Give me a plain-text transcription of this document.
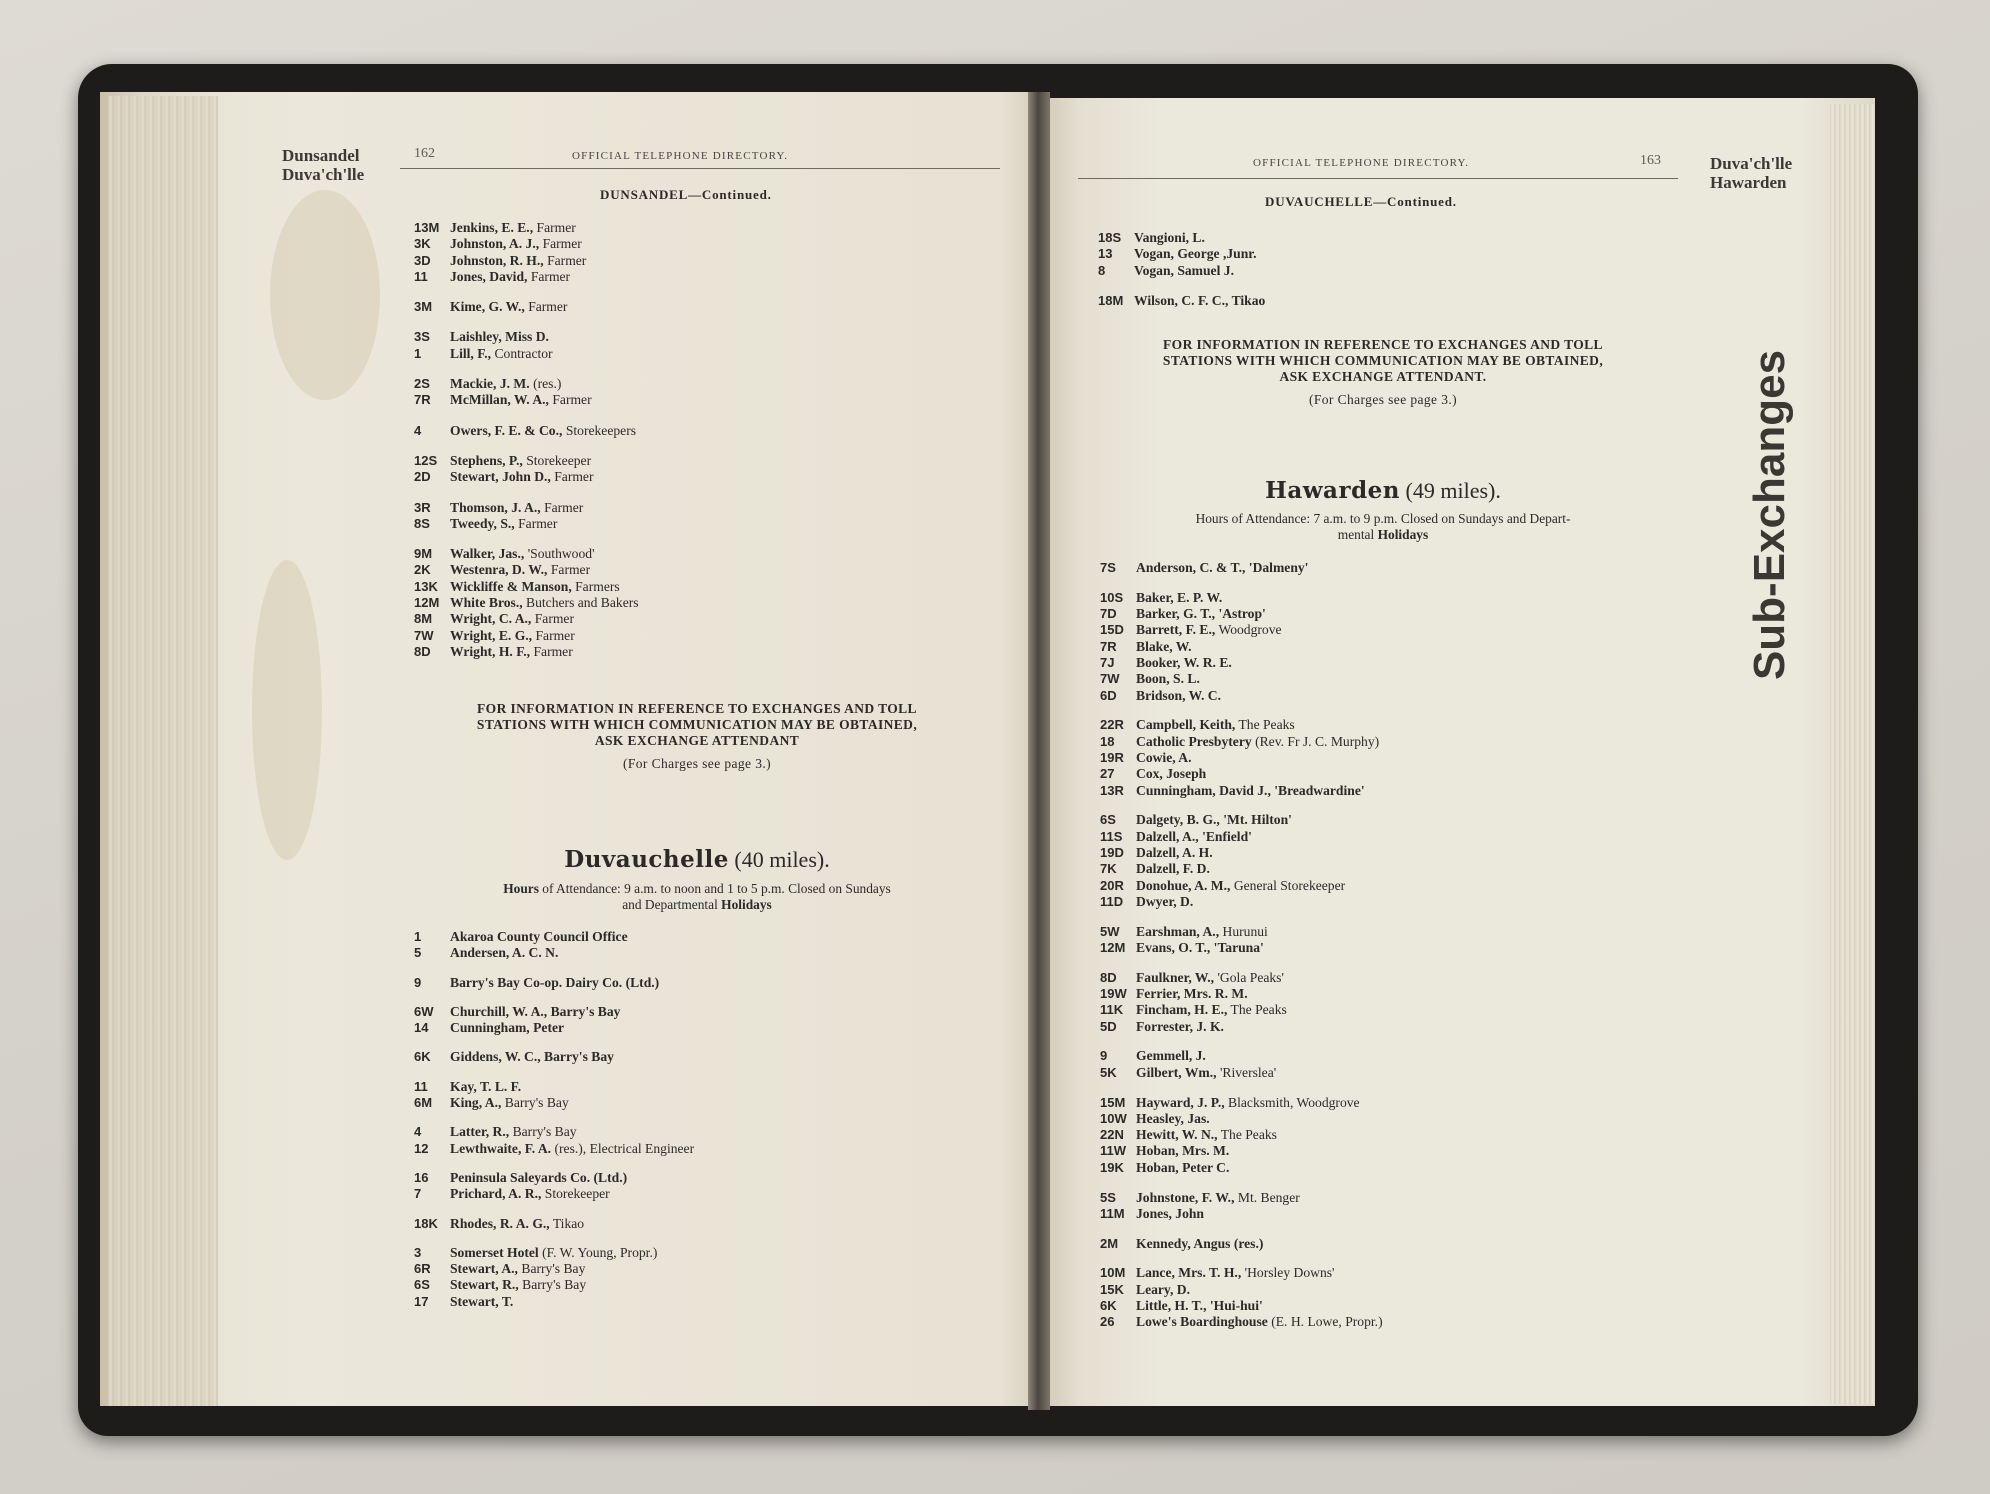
Dunsandel
Duva'ch'lle
162	OFFICIAL TELEPHONE DIRECTORY.
DUNSANDEL—Continued.
13M Jenkins, E. E., Farmer
3K Johnston, A. J., Farmer
3D Johnston, R. H., Farmer
11 Jones, David, Farmer
3M Kime, G. W., Farmer
3S Laishley, Miss D.
1 Lill, F., Contractor
2S Mackie, J. M. (res.)
7R McMillan, W. A., Farmer
4 Owers, F. E. & Co., Storekeepers
12S Stephens, P., Storekeeper
2D Stewart, John D., Farmer
3R Thomson, J. A., Farmer
8S Tweedy, S., Farmer
9M Walker, Jas., 'Southwood'
2K Westenra, D. W., Farmer
13K Wickliffe & Manson, Farmers
12M White Bros., Butchers and Bakers
8M Wright, C. A., Farmer
7W Wright, E. G., Farmer
8D Wright, H. F., Farmer
FOR INFORMATION IN REFERENCE TO EXCHANGES AND TOLL
STATIONS WITH WHICH COMMUNICATION MAY BE OBTAINED,
ASK EXCHANGE ATTENDANT
(For Charges see page 3.)
Duvauchelle (40 miles).
Hours of Attendance: 9 a.m. to noon and 1 to 5 p.m. Closed on Sundays
and Departmental Holidays
1 Akaroa County Council Office
5 Andersen, A. C. N.
9 Barry's Bay Co-op. Dairy Co. (Ltd.)
6W Churchill, W. A., Barry's Bay
14 Cunningham, Peter
6K Giddens, W. C., Barry's Bay
11 Kay, T. L. F.
6M King, A., Barry's Bay
4 Latter, R., Barry's Bay
12 Lewthwaite, F. A. (res.), Electrical Engineer
16 Peninsula Saleyards Co. (Ltd.)
7 Prichard, A. R., Storekeeper
18K Rhodes, R. A. G., Tikao
3 Somerset Hotel (F. W. Young, Propr.)
6R Stewart, A., Barry's Bay
6S Stewart, R., Barry's Bay
17 Stewart, T.
OFFICIAL TELEPHONE DIRECTORY.	163	Duva'ch'lle
Hawarden
DUVAUCHELLE—Continued.
18S Vangioni, L.
13 Vogan, George ,Junr.
8 Vogan, Samuel J.
18M Wilson, C. F. C., Tikao
FOR INFORMATION IN REFERENCE TO EXCHANGES AND TOLL
STATIONS WITH WHICH COMMUNICATION MAY BE OBTAINED,
ASK EXCHANGE ATTENDANT.
(For Charges see page 3.)
Hawarden (49 miles).
Hours of Attendance: 7 a.m. to 9 p.m. Closed on Sundays and Depart-
mental Holidays
7S Anderson, C. & T., 'Dalmeny'
10S Baker, E. P. W.
7D Barker, G. T., 'Astrop'
15D Barrett, F. E., Woodgrove
7R Blake, W.
7J Booker, W. R. E.
7W Boon, S. L.
6D Bridson, W. C.
22R Campbell, Keith, The Peaks
18 Catholic Presbytery (Rev. Fr J. C. Murphy)
19R Cowie, A.
27 Cox, Joseph
13R Cunningham, David J., 'Breadwardine'
6S Dalgety, B. G., 'Mt. Hilton'
11S Dalzell, A., 'Enfield'
19D Dalzell, A. H.
7K Dalzell, F. D.
20R Donohue, A. M., General Storekeeper
11D Dwyer, D.
5W Earshman, A., Hurunui
12M Evans, O. T., 'Taruna'
8D Faulkner, W., 'Gola Peaks'
19W Ferrier, Mrs. R. M.
11K Fincham, H. E., The Peaks
5D Forrester, J. K.
9 Gemmell, J.
5K Gilbert, Wm., 'Riverslea'
15M Hayward, J. P., Blacksmith, Woodgrove
10W Heasley, Jas.
22N Hewitt, W. N., The Peaks
11W Hoban, Mrs. M.
19K Hoban, Peter C.
5S Johnstone, F. W., Mt. Benger
11M Jones, John
2M Kennedy, Angus (res.)
10M Lance, Mrs. T. H., 'Horsley Downs'
15K Leary, D.
6K Little, H. T., 'Hui-hui'
26 Lowe's Boardinghouse (E. H. Lowe, Propr.)
Sub-Exchanges
